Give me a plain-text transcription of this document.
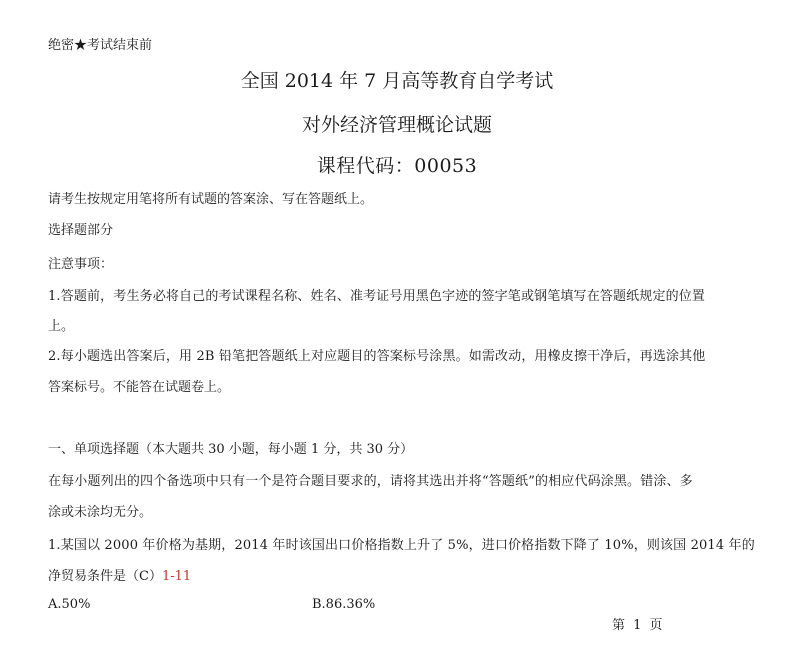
绝密★考试结束前
全国 2014 年 7 月高等教育自学考试
对外经济管理概论试题
课程代码：00053
请考生按规定用笔将所有试题的答案涂、写在答题纸上。
选择题部分
注意事项：
1.答题前，考生务必将自己的考试课程名称、姓名、准考证号用黑色字迹的签字笔或钢笔填写在答题纸规定的位置
上。
2.每小题选出答案后，用 2B 铅笔把答题纸上对应题目的答案标号涂黑。如需改动，用橡皮擦干净后，再选涂其他
答案标号。不能答在试题卷上。
一、单项选择题（本大题共 30 小题，每小题 1 分，共 30 分）
在每小题列出的四个备选项中只有一个是符合题目要求的，请将其选出并将“答题纸”的相应代码涂黑。错涂、多
涂或未涂均无分。
1.某国以 2000 年价格为基期，2014 年时该国出口价格指数上升了 5%，进口价格指数下降了 10%，则该国 2014 年的
净贸易条件是（C）1-11
A.50%	B.86.36%
第 1 页
